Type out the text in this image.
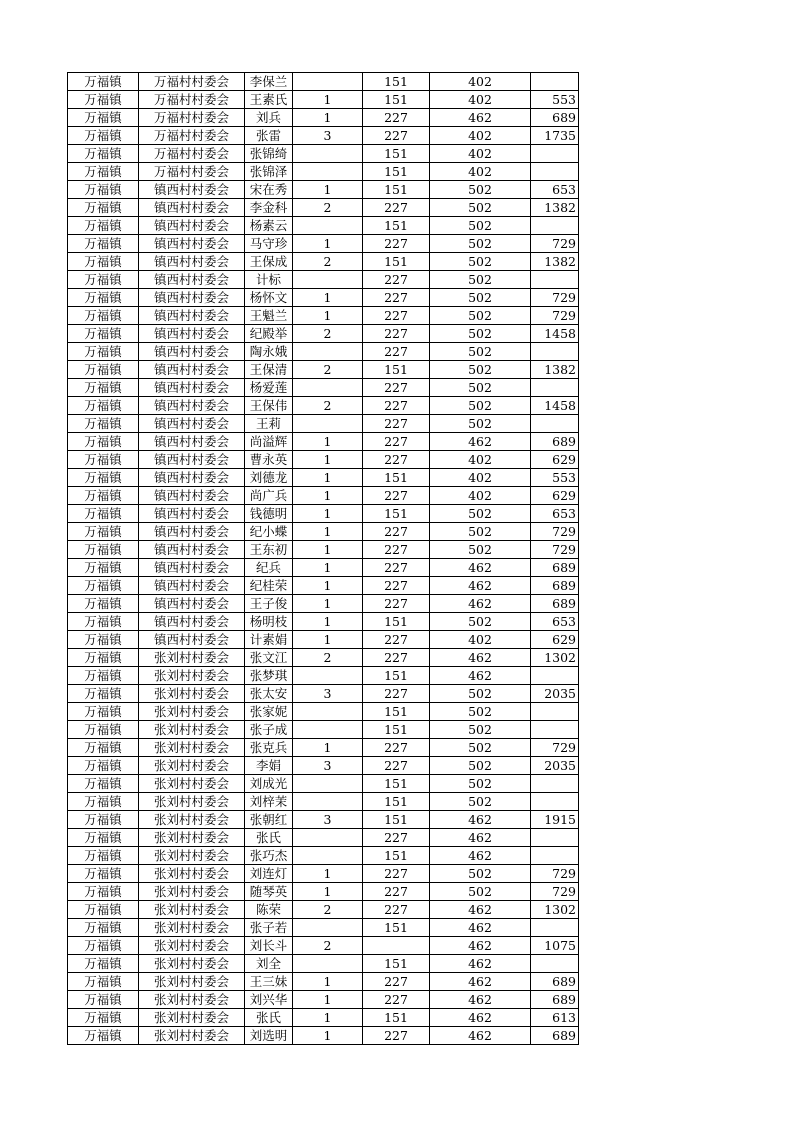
万福镇	万福村村委会	李保兰		151	402	
万福镇	万福村村委会	王素氏	1	151	402	553
万福镇	万福村村委会	刘兵	1	227	462	689
万福镇	万福村村委会	张雷	3	227	402	1735
万福镇	万福村村委会	张锦绮		151	402	
万福镇	万福村村委会	张锦泽		151	402	
万福镇	镇西村村委会	宋在秀	1	151	502	653
万福镇	镇西村村委会	李金科	2	227	502	1382
万福镇	镇西村村委会	杨素云		151	502	
万福镇	镇西村村委会	马守珍	1	227	502	729
万福镇	镇西村村委会	王保成	2	151	502	1382
万福镇	镇西村村委会	计标		227	502	
万福镇	镇西村村委会	杨怀文	1	227	502	729
万福镇	镇西村村委会	王魁兰	1	227	502	729
万福镇	镇西村村委会	纪殿举	2	227	502	1458
万福镇	镇西村村委会	陶永娥		227	502	
万福镇	镇西村村委会	王保清	2	151	502	1382
万福镇	镇西村村委会	杨爱莲		227	502	
万福镇	镇西村村委会	王保伟	2	227	502	1458
万福镇	镇西村村委会	王莉		227	502	
万福镇	镇西村村委会	尚溢辉	1	227	462	689
万福镇	镇西村村委会	曹永英	1	227	402	629
万福镇	镇西村村委会	刘德龙	1	151	402	553
万福镇	镇西村村委会	尚广兵	1	227	402	629
万福镇	镇西村村委会	钱德明	1	151	502	653
万福镇	镇西村村委会	纪小蝶	1	227	502	729
万福镇	镇西村村委会	王东初	1	227	502	729
万福镇	镇西村村委会	纪兵	1	227	462	689
万福镇	镇西村村委会	纪桂荣	1	227	462	689
万福镇	镇西村村委会	王子俊	1	227	462	689
万福镇	镇西村村委会	杨明枝	1	151	502	653
万福镇	镇西村村委会	计素娟	1	227	402	629
万福镇	张刘村村委会	张文江	2	227	462	1302
万福镇	张刘村村委会	张梦琪		151	462	
万福镇	张刘村村委会	张太安	3	227	502	2035
万福镇	张刘村村委会	张家妮		151	502	
万福镇	张刘村村委会	张子成		151	502	
万福镇	张刘村村委会	张克兵	1	227	502	729
万福镇	张刘村村委会	李娟	3	227	502	2035
万福镇	张刘村村委会	刘成光		151	502	
万福镇	张刘村村委会	刘梓茉		151	502	
万福镇	张刘村村委会	张朝红	3	151	462	1915
万福镇	张刘村村委会	张氏		227	462	
万福镇	张刘村村委会	张巧杰		151	462	
万福镇	张刘村村委会	刘连灯	1	227	502	729
万福镇	张刘村村委会	随琴英	1	227	502	729
万福镇	张刘村村委会	陈荣	2	227	462	1302
万福镇	张刘村村委会	张子若		151	462	
万福镇	张刘村村委会	刘长斗	2		462	1075
万福镇	张刘村村委会	刘全		151	462	
万福镇	张刘村村委会	王三妹	1	227	462	689
万福镇	张刘村村委会	刘兴华	1	227	462	689
万福镇	张刘村村委会	张氏	1	151	462	613
万福镇	张刘村村委会	刘选明	1	227	462	689
